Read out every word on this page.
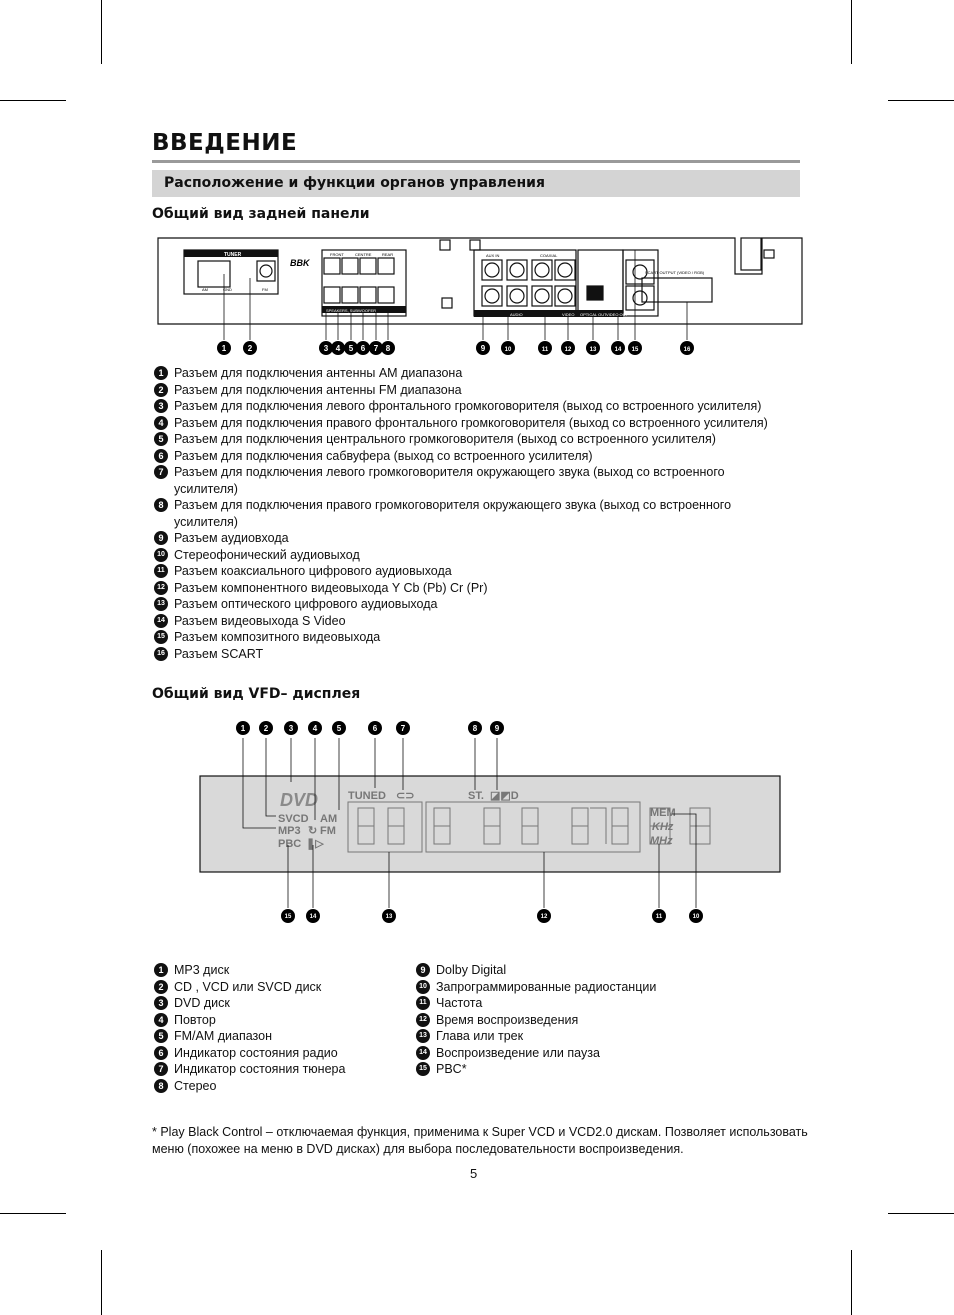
ВВЕДЕНИЕ
Расположение и функции органов управления
Общий вид задней панели
TUNER
AM	GND	FM
BBK
FRONT	CENTRE	REAR
SPEAKERS, SUBWOOFER
AUX IN	COAXIAL
AUDIO	VIDEO OPTICAL OUT VIDEO OUT
SCART OUTPUT (VIDEO / RGB)
1	2	3 4 5 6 7 8	9	10	11	12	13	14 15	16
1 Разъем для подключения антенны AM диапазона
2 Разъем для подключения антенны FM диапазона
3 Разъем для подключения левого фронтального громкоговорителя (выход со встроенного усилителя)
4 Разъем для подключения правого фронтального громкоговорителя (выход со встроенного усилителя)
5 Разъем для подключения центрального громкоговорителя (выход со встроенного усилителя)
6 Разъем для подключения сабвуфера (выход со встроенного усилителя)
7 Разъем для подключения левого громкоговорителя окружающего звука (выход со встроенного усилителя)
8 Разъем для подключения правого громкоговорителя окружающего звука (выход со встроенного усилителя)
9 Разъем аудиовхода
10 Стереофонический аудиовыход
11 Разъем коаксиального цифрового аудиовыхода
12 Разъем компонентного видеовыхода Y Cb (Pb) Cr (Pr)
13 Разъем оптического цифрового аудиовыхода
14 Разъем видеовыхода S Video
15 Разъем композитного видеовыхода
16 Разъем SCART
Общий вид VFD– дисплея
DVD
SVCD AM
MP3 ↻ FM
PBC ❚▷
TUNED	ST. ◪◩D
⊂⊃
MEM
KHz
MHz
1 2	3 4 5	6	7	8 9
15	14	13	12	11	10
1 MP3 диск
2 CD , VCD или SVCD диск
3 DVD диск
4 Повтор
5 FM/AM диапазон
6 Индикатор состояния радио
7 Индикатор состояния тюнера
8 Стерео
9 Dolby Digital
10 Запрограммированные радиостанции
11 Частота
12 Время воспроизведения
13 Глава или трек
14 Воспроизведение или пауза
15 PBC*
* Play Black Control – отключаемая функция, применима к Super VCD и VCD2.0 дискам. Позволяет использовать меню (похожее на меню в DVD дисках) для выбора последовательности воспроизведения.
5
